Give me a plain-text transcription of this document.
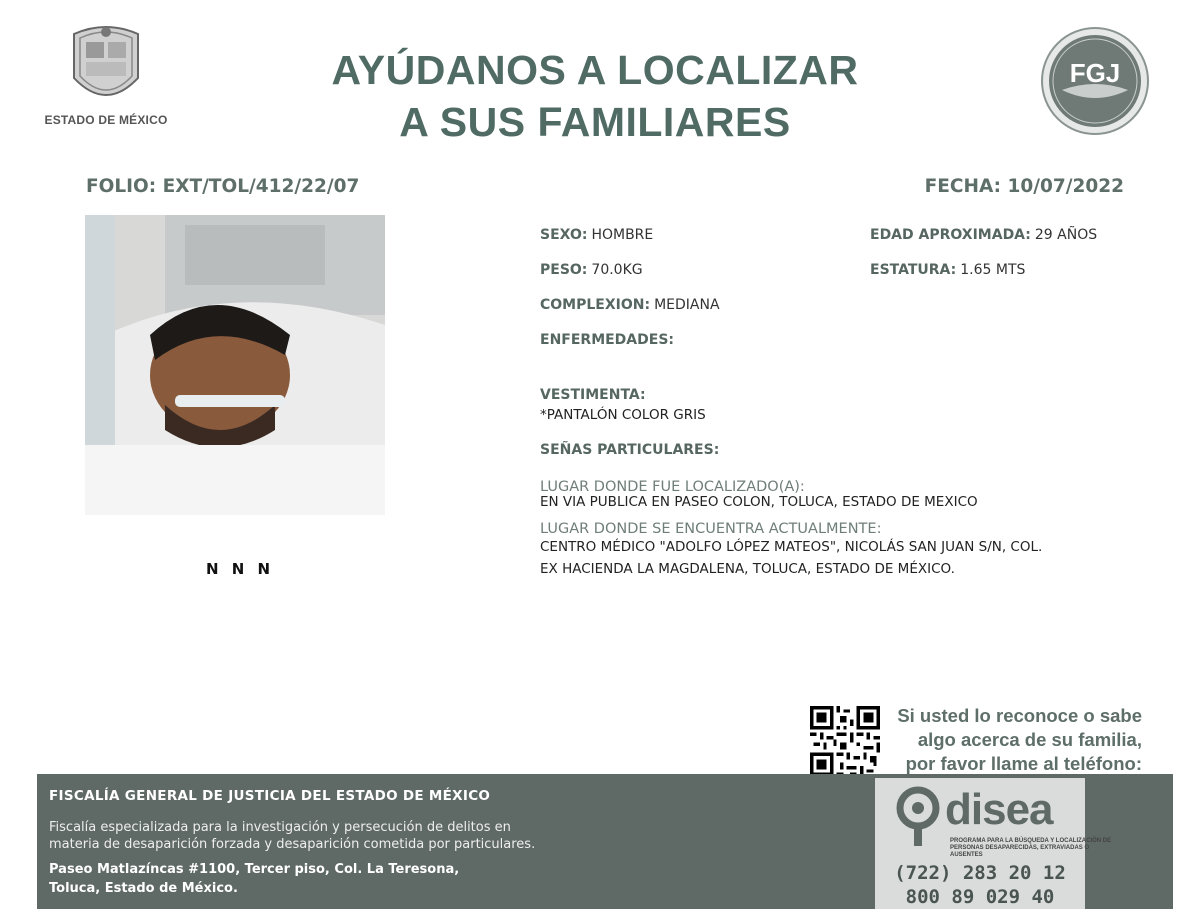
ESTADO DE MÉXICO
AYÚDANOS A LOCALIZAR
A SUS FAMILIARES
FGJ
FOLIO: EXT/TOL/412/22/07	FECHA: 10/07/2022
N N N
SEXO: HOMBRE	EDAD APROXIMADA: 29 AÑOS
PESO: 70.0KG	ESTATURA: 1.65 MTS
COMPLEXION: MEDIANA
ENFERMEDADES:
VESTIMENTA:
*PANTALÓN COLOR GRIS
SEÑAS PARTICULARES:
LUGAR DONDE FUE LOCALIZADO(A):
EN VIA PUBLICA EN PASEO COLON, TOLUCA, ESTADO DE MEXICO
LUGAR DONDE SE ENCUENTRA ACTUALMENTE:
CENTRO MÉDICO "ADOLFO LÓPEZ MATEOS", NICOLÁS SAN JUAN S/N, COL.
EX HACIENDA LA MAGDALENA, TOLUCA, ESTADO DE MÉXICO.
Si usted lo reconoce o sabe
algo acerca de su familia,
por favor llame al teléfono:
FISCALÍA GENERAL DE JUSTICIA DEL ESTADO DE MÉXICO
Fiscalía especializada para la investigación y persecución de delitos en
materia de desaparición forzada y desaparición cometida por particulares.
Paseo Matlazíncas #1100, Tercer piso, Col. La Teresona,
Toluca, Estado de México.
disea
PROGRAMA PARA LA BÚSQUEDA Y LOCALIZACIÓN DE PERSONAS DESAPARECIDAS, EXTRAVIADAS O AUSENTES
(722) 283 20 12
800 89 029 40
